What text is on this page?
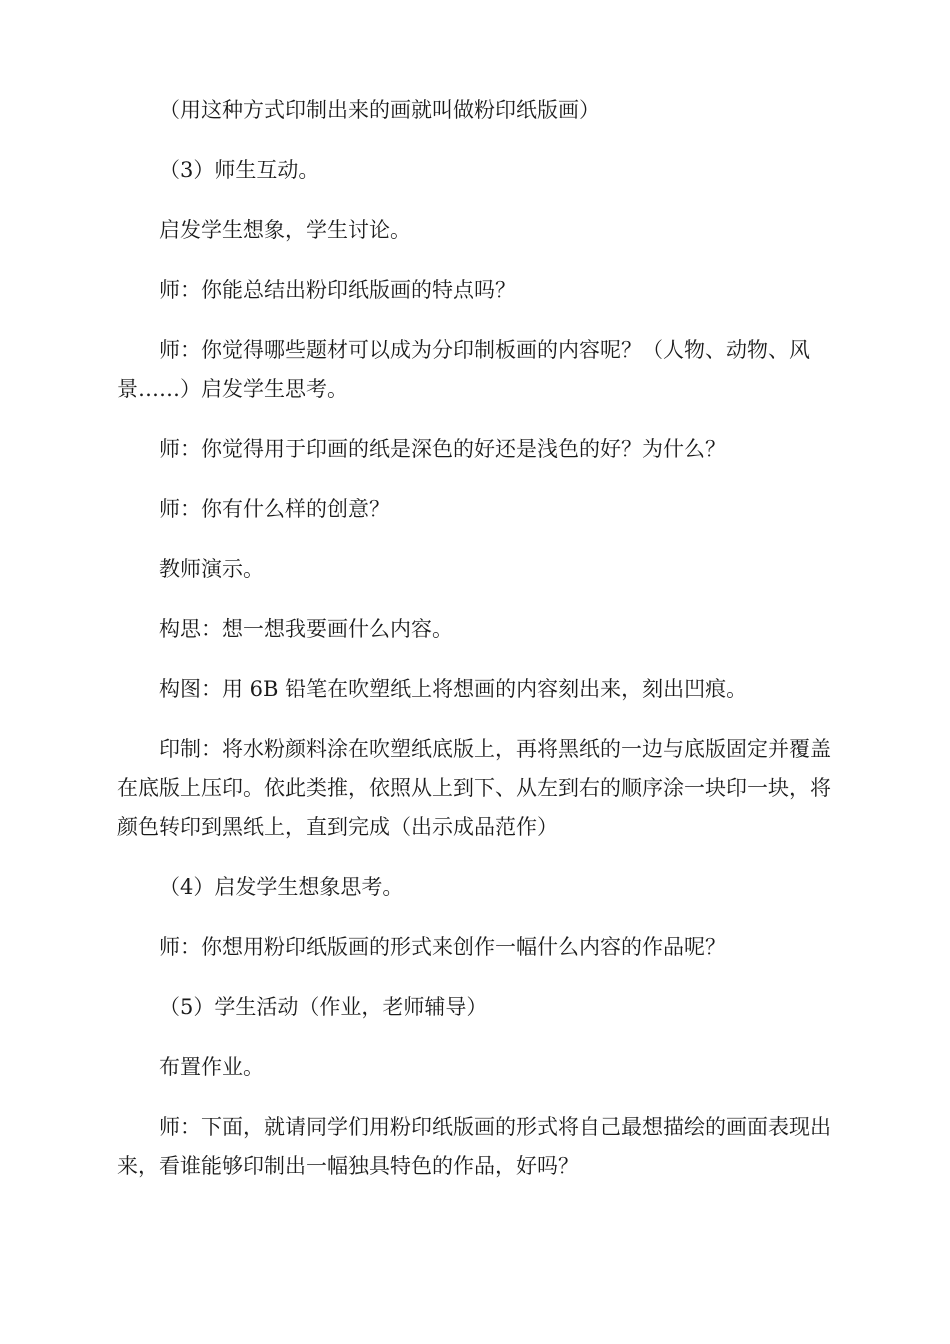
（用这种方式印制出来的画就叫做粉印纸版画）

（3）师生互动。

启发学生想象，学生讨论。

师：你能总结出粉印纸版画的特点吗？

师：你觉得哪些题材可以成为分印制板画的内容呢？（人物、动物、风景……）启发学生思考。

师：你觉得用于印画的纸是深色的好还是浅色的好？为什么？

师：你有什么样的创意？

教师演示。

构思：想一想我要画什么内容。

构图：用 6B 铅笔在吹塑纸上将想画的内容刻出来，刻出凹痕。

印制：将水粉颜料涂在吹塑纸底版上，再将黑纸的一边与底版固定并覆盖在底版上压印。依此类推，依照从上到下、从左到右的顺序涂一块印一块，将颜色转印到黑纸上，直到完成（出示成品范作）

（4）启发学生想象思考。

师：你想用粉印纸版画的形式来创作一幅什么内容的作品呢？

（5）学生活动（作业，老师辅导）

布置作业。

师：下面，就请同学们用粉印纸版画的形式将自己最想描绘的画面表现出来，看谁能够印制出一幅独具特色的作品，好吗？
